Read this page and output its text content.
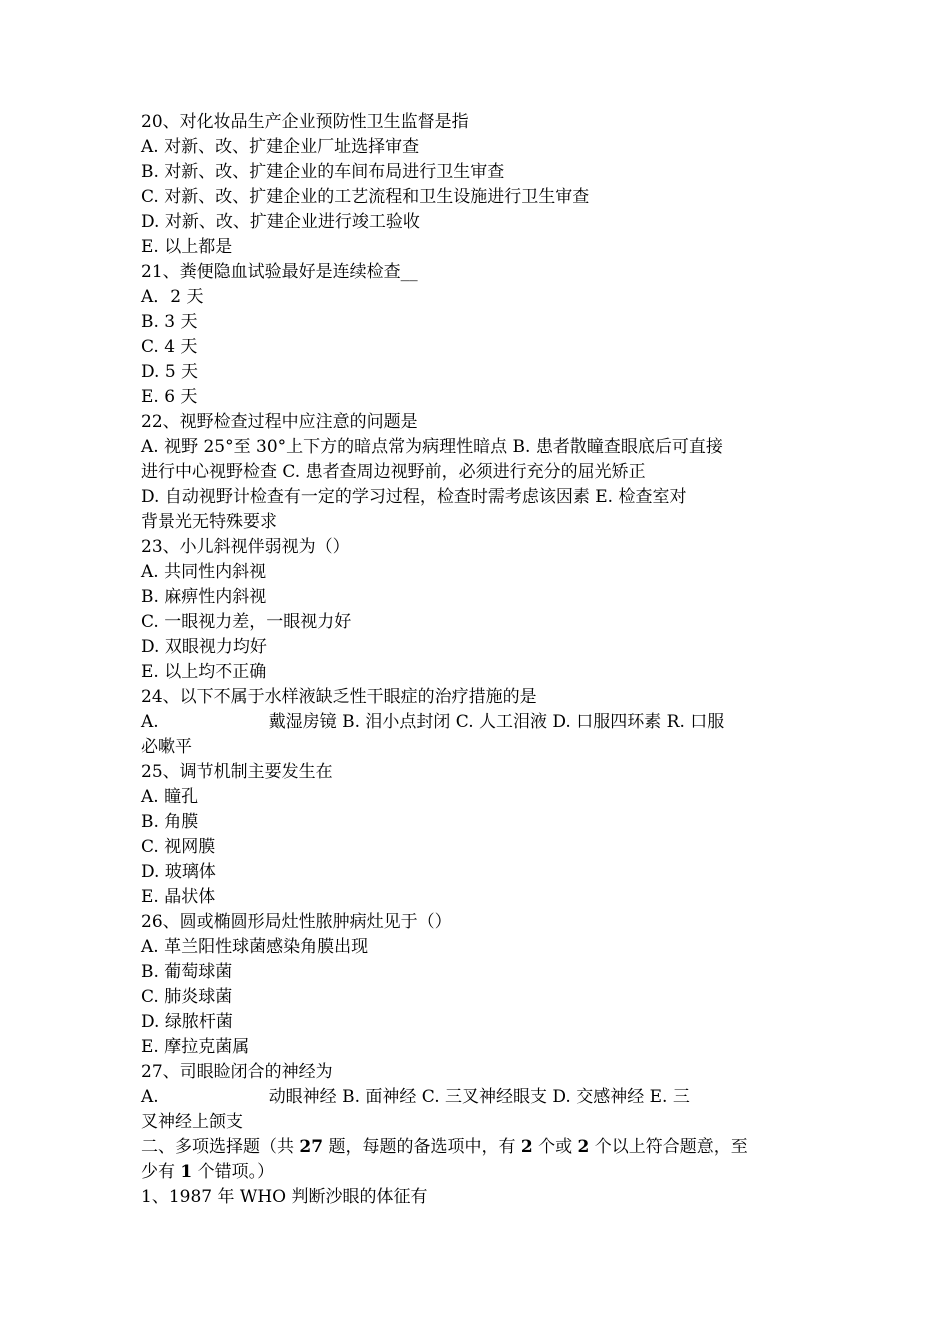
20、对化妆品生产企业预防性卫生监督是指
A. 对新、改、扩建企业厂址选择审查
B. 对新、改、扩建企业的车间布局进行卫生审查
C. 对新、改、扩建企业的工艺流程和卫生设施进行卫生审查
D. 对新、改、扩建企业进行竣工验收
E. 以上都是
21、粪便隐血试验最好是连续检查__
A．2 天
B. 3 天
C. 4 天
D. 5 天
E. 6 天
22、视野检查过程中应注意的问题是
A. 视野 25°至 30°上下方的暗点常为病理性暗点 B. 患者散瞳查眼底后可直接
进行中心视野检查 C. 患者查周边视野前，必须进行充分的屈光矫正
D. 自动视野计检查有一定的学习过程，检查时需考虑该因素 E. 检查室对
背景光无特殊要求
23、小儿斜视伴弱视为（）
A. 共同性内斜视
B. 麻痹性内斜视
C. 一眼视力差，一眼视力好
D. 双眼视力均好
E. 以上均不正确
24、以下不属于水样液缺乏性干眼症的治疗措施的是
A.	戴湿房镜 B. 泪小点封闭 C. 人工泪液 D. 口服四环素 R. 口服
必嗽平
25、调节机制主要发生在
A. 瞳孔
B. 角膜
C. 视网膜
D. 玻璃体
E. 晶状体
26、圆或椭圆形局灶性脓肿病灶见于（）
A. 革兰阳性球菌感染角膜出现
B. 葡萄球菌
C. 肺炎球菌
D. 绿脓杆菌
E. 摩拉克菌属
27、司眼睑闭合的神经为
A.	动眼神经 B. 面神经 C. 三叉神经眼支 D. 交感神经 E. 三
叉神经上颌支
二、多项选择题（共 27 题，每题的备选项中，有 2 个或 2 个以上符合题意，至
少有 1 个错项。）
1、1987 年 WHO 判断沙眼的体征有
